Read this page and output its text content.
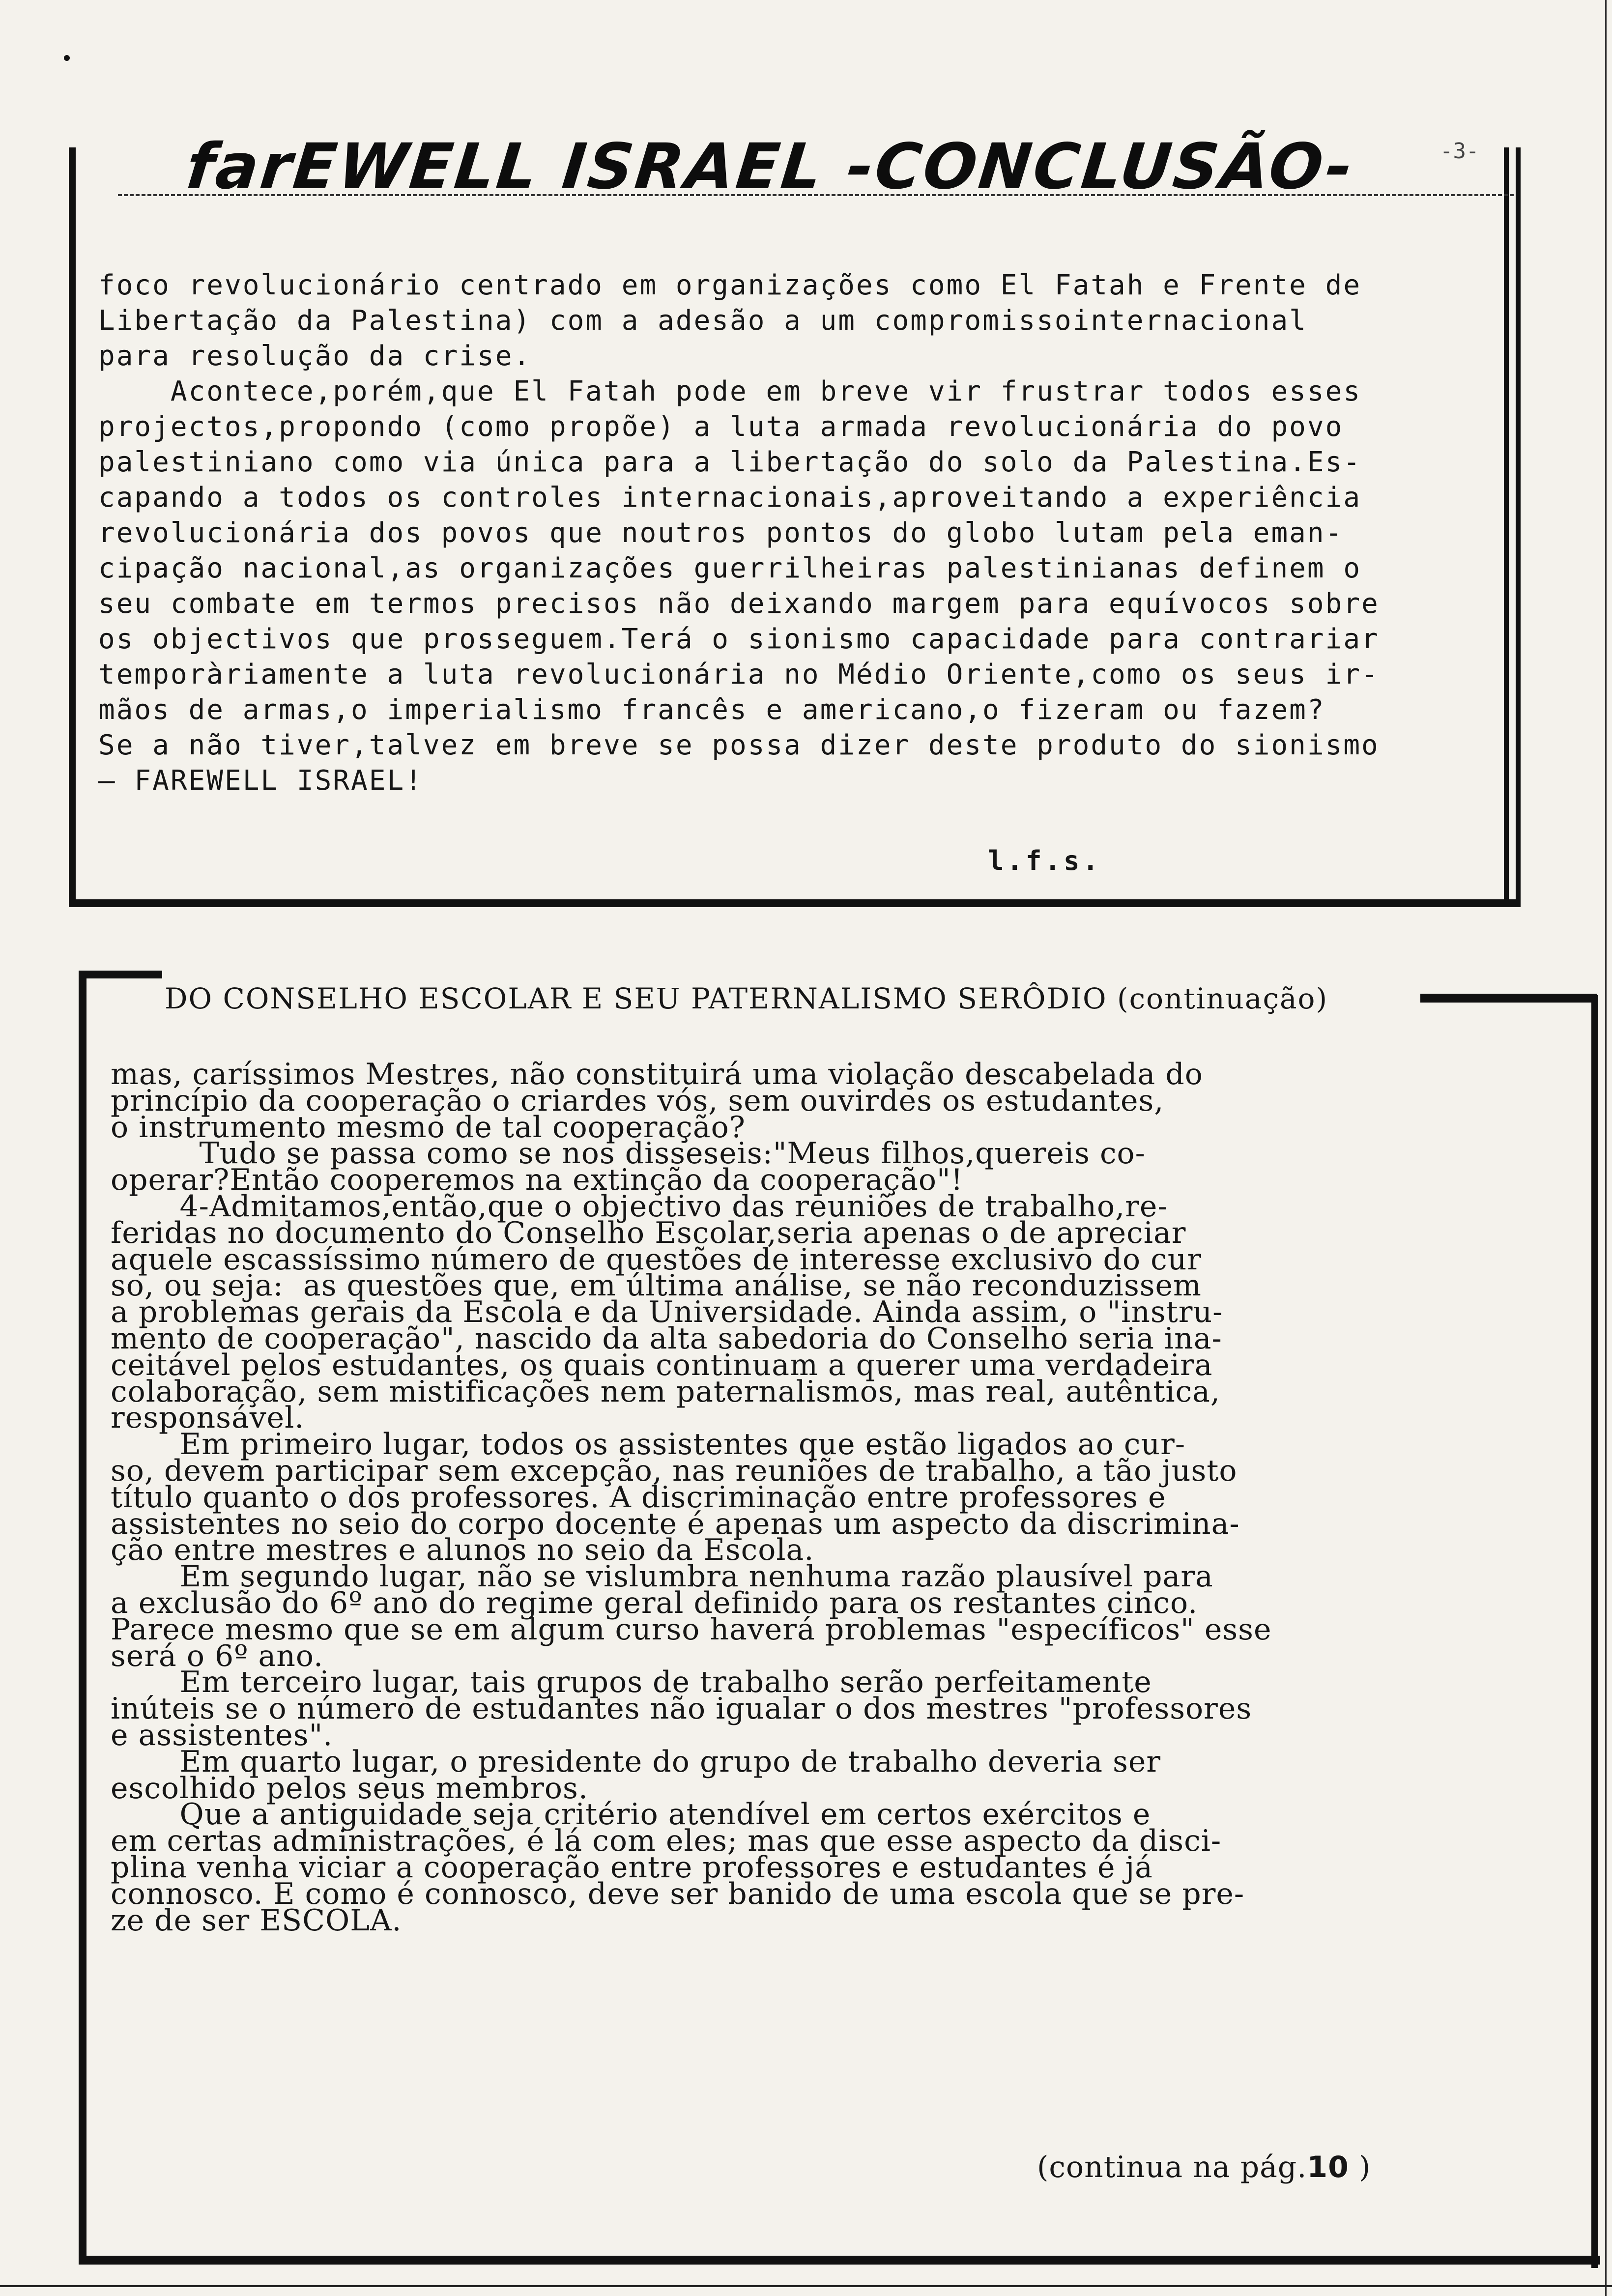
farEWELL ISRAEL -CONCLUSÃO-	-3-
foco revolucionário centrado em organizações como El Fatah e Frente de
Libertação da Palestina) com a adesão a um compromissointernacional
para resolução da crise.
Acontece,porém,que El Fatah pode em breve vir frustrar todos esses
projectos,propondo (como propõe) a luta armada revolucionária do povo
palestiniano como via única para a libertação do solo da Palestina.Es-
capando a todos os controles internacionais,aproveitando a experiência
revolucionária dos povos que noutros pontos do globo lutam pela eman-
cipação nacional,as organizações guerrilheiras palestinianas definem o
seu combate em termos precisos não deixando margem para equívocos sobre
os objectivos que prosseguem.Terá o sionismo capacidade para contrariar
temporàriamente a luta revolucionária no Médio Oriente,como os seus ir-
mãos de armas,o imperialismo francês e americano,o fizeram ou fazem?
Se a não tiver,talvez em breve se possa dizer deste produto do sionismo
— FAREWELL ISRAEL!
l.f.s.
DO CONSELHO ESCOLAR E SEU PATERNALISMO SERÔDIO (continuação)
mas, caríssimos Mestres, não constituirá uma violação descabelada do
princípio da cooperação o criardes vós, sem ouvirdes os estudantes,
o instrumento mesmo de tal cooperação?
Tudo se passa como se nos disseseis:"Meus filhos,quereis co-
operar?Então cooperemos na extinção da cooperação"!
4-Admitamos,então,que o objectivo das reuniões de trabalho,re-
feridas no documento do Conselho Escolar,seria apenas o de apreciar
aquele escassíssimo número de questões de interesse exclusivo do cur
so, ou seja:  as questões que, em última análise, se não reconduzissem
a problemas gerais da Escola e da Universidade. Ainda assim, o "instru-
mento de cooperação", nascido da alta sabedoria do Conselho seria ina-
ceitável pelos estudantes, os quais continuam a querer uma verdadeira
colaboração, sem mistificações nem paternalismos, mas real, autêntica,
responsável.
Em primeiro lugar, todos os assistentes que estão ligados ao cur-
so, devem participar sem excepção, nas reuniões de trabalho, a tão justo
título quanto o dos professores. A discriminação entre professores e
assistentes no seio do corpo docente é apenas um aspecto da discrimina-
ção entre mestres e alunos no seio da Escola.
Em segundo lugar, não se vislumbra nenhuma razão plausível para
a exclusão do 6º ano do regime geral definido para os restantes cinco.
Parece mesmo que se em algum curso haverá problemas "específicos" esse
será o 6º ano.
Em terceiro lugar, tais grupos de trabalho serão perfeitamente
inúteis se o número de estudantes não igualar o dos mestres "professores
e assistentes".
Em quarto lugar, o presidente do grupo de trabalho deveria ser
escolhido pelos seus membros.
Que a antiguidade seja critério atendível em certos exércitos e
em certas administrações, é lá com eles; mas que esse aspecto da disci-
plina venha viciar a cooperação entre professores e estudantes é já
connosco. E como é connosco, deve ser banido de uma escola que se pre-
ze de ser ESCOLA.
(continua na pág.10 )
